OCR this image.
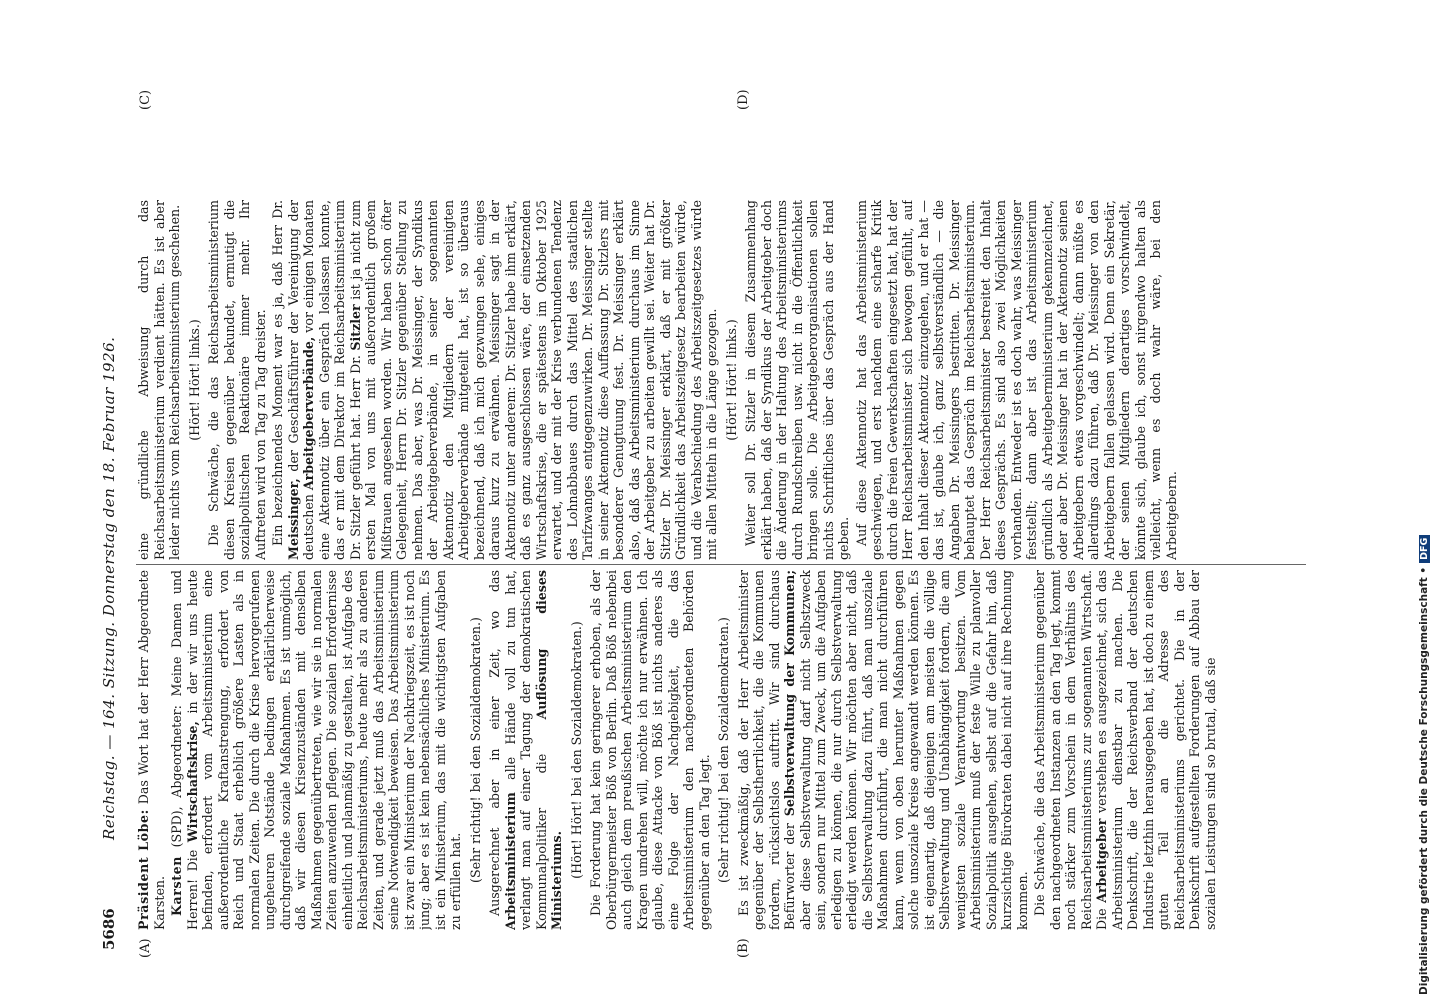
5686
Reichstag. — 164. Sitzung. Donnerstag den 18. Februar 1926.
(A)	(B)
(C)	(D)

Präsident Löbe: Das Wort hat der Herr Abgeordnete Karsten. Karsten (SPD), Abgeordneter: Meine Damen und Herren! Die Wirtschaftskrise, in der wir uns heute befinden, erfordert vom Arbeitsministerium eine außerordentliche Kraftanstrengung, erfordert von Reich und Staat erheblich größere Lasten als in normalen Zeiten. Die durch die Krise hervorgerufenen ungeheuren Notstände bedingen erklärlicherweise durchgreifende soziale Maßnahmen. Es ist unmöglich, daß wir diesen Krisenzuständen mit denselben Maßnahmen gegenübertreten, wie wir sie in normalen Zeiten anzuwenden pflegen. Die sozialen Erfordernisse einheitlich und planmäßig zu gestalten, ist Aufgabe des Reichsarbeitsministeriums, heute mehr als zu anderen Zeiten, und gerade jetzt muß das Arbeitsministerium seine Notwendigkeit beweisen. Das Arbeitsministerium ist zwar ein Ministerium der Nachkriegszeit, es ist noch jung; aber es ist kein nebensächliches Ministerium. Es ist ein Ministerium, das mit die wichtigsten Aufgaben zu erfüllen hat. (Sehr richtig! bei den Sozialdemokraten.) Ausgerechnet aber in einer Zeit, wo das Arbeitsministerium alle Hände voll zu tun hat, verlangt man auf einer Tagung der demokratischen Kommunalpolitiker die Auflösung dieses Ministeriums.

(Hört! Hört! bei den Sozialdemokraten.) Die Forderung hat kein geringerer erhoben, als der Oberbürgermeister Böß von Berlin. Daß Böß nebenbei auch gleich dem preußischen Arbeitsministerium den Kragen umdrehen will, möchte ich nur erwähnen. Ich glaube, diese Attacke von Böß ist nichts anderes als eine Folge der Nachgiebigkeit, die das Arbeitsministerium den nachgeordneten Behörden gegenüber an den Tag legt. (Sehr richtig! bei den Sozialdemokraten.) Es ist zweckmäßig, daß der Herr Arbeitsminister gegenüber der Selbstherrlichkeit, die die Kommunen fordern, rücksichtslos auftritt. Wir sind durchaus Befürworter der Selbstverwaltung der Kommunen; aber diese Selbstverwaltung darf nicht Selbstzweck sein, sondern nur Mittel zum Zweck, um die Aufgaben erledigen zu können, die nur durch Selbstverwaltung erledigt werden können. Wir möchten aber nicht, daß die Selbstverwaltung dazu führt, daß man unsoziale Maßnahmen durchführt, die man nicht durchführen kann, wenn von oben herunter Maßnahmen gegen solche unsoziale Kreise angewandt werden können. Es ist eigenartig, daß diejenigen am meisten die völlige Selbstverwaltung und Unabhängigkeit fordern, die am wenigsten soziale Verantwortung besitzen. Vom Arbeitsministerium muß der feste Wille zu planvoller Sozialpolitik ausgehen, selbst auf die Gefahr hin, daß kurzsichtige Bürokraten dabei nicht auf ihre Rechnung kommen. Die Schwäche, die das Arbeitsministerium gegenüber den nachgeordneten Instanzen an den Tag legt, kommt noch stärker zum Vorschein in dem Verhältnis des Reichsarbeitsministeriums zur sogenannten Wirtschaft. Die Arbeitgeber verstehen es ausgezeichnet, sich das Arbeitsministerium dienstbar zu machen. Die Denkschrift, die der Reichsverband der deutschen Industrie letzthin herausgegeben hat, ist doch zu einem guten Teil an die Adresse des Reichsarbeitsministeriums gerichtet. Die in der Denkschrift aufgestellten Forderungen auf Abbau der sozialen Leistungen sind so brutal, daß sie

eine gründliche Abweisung durch das Reichsarbeitsministerium verdient hätten. Es ist aber leider nichts vom Reichsarbeitsministerium geschehen. (Hört! Hört! links.) Die Schwäche, die das Reichsarbeitsministerium diesen Kreisen gegenüber bekundet, ermutigt die sozialpolitischen Reaktionäre immer mehr. Ihr Auftreten wird von Tag zu Tag dreister. Ein bezeichnendes Moment war es ja, daß Herr Dr. Meissinger, der Geschäftsführer der Vereinigung der deutschen Arbeitgeberverbände, vor einigen Monaten eine Aktennotiz über ein Gespräch loslassen konnte, das er mit dem Direktor im Reichsarbeitsministerium Dr. Sitzler geführt hat. Herr Dr. Sitzler ist ja nicht zum ersten Mal von uns mit außerordentlich großem Mißtrauen angesehen worden. Wir haben schon öfter Gelegenheit, Herrn Dr. Sitzler gegenüber Stellung zu nehmen. Das aber, was Dr. Meissinger, der Syndikus der Arbeitgeberverbände, in seiner sogenannten Aktennotiz den Mitgliedern der vereinigten Arbeitgeberverbände mitgeteilt hat, ist so überaus bezeichnend, daß ich mich gezwungen sehe, einiges daraus kurz zu erwähnen. Meissinger sagt in der Aktennotiz unter anderem: Dr. Sitzler habe ihm erklärt, daß es ganz ausgeschlossen wäre, der einsetzenden Wirtschaftskrise, die er spätestens im Oktober 1925 erwartet, und der mit der Krise verbundenen Tendenz des Lohnabbaues durch das Mittel des staatlichen Tarifzwanges entgegenzuwirken. Dr. Meissinger stellte in seiner Aktennotiz diese Auffassung Dr. Sitzlers mit besonderer Genugtuung fest. Dr. Meissinger erklärt also, daß das Arbeitsministerium durchaus im Sinne der Arbeitgeber zu arbeiten gewillt sei. Weiter hat Dr. Sitzler Dr. Meissinger erklärt, daß er mit größter Gründlichkeit das Arbeitszeitgesetz bearbeiten würde, und die Verabschiedung des Arbeitszeitgesetzes würde mit allen Mitteln in die Länge gezogen. (Hört! Hört! links.) Weiter soll Dr. Sitzler in diesem Zusammenhang erklärt haben, daß der Syndikus der Arbeitgeber doch die Änderung in der Haltung des Arbeitsministeriums durch Rundschreiben usw. nicht in die Öffentlichkeit bringen solle. Die Arbeitgeberorganisationen sollen nichts Schriftliches über das Gespräch aus der Hand geben. Auf diese Aktennotiz hat das Arbeitsministerium geschwiegen, und erst nachdem eine scharfe Kritik durch die freien Gewerkschaften eingesetzt hat, hat der Herr Reichsarbeitsminister sich bewogen gefühlt, auf den Inhalt dieser Aktennotiz einzugehen, und er hat — das ist, glaube ich, ganz selbstverständlich — die Angaben Dr. Meissingers bestritten. Dr. Meissinger behauptet das Gespräch im Reichsarbeitsministerium. Der Herr Reichsarbeitsminister bestreitet den Inhalt dieses Gesprächs. Es sind also zwei Möglichkeiten vorhanden. Entweder ist es doch wahr, was Meissinger feststellt; dann aber ist das Arbeitsministerium gründlich als Arbeitgeberministerium gekennzeichnet, oder aber Dr. Meissinger hat in der Aktennotiz seinen Arbeitgebern etwas vorgeschwindelt; dann müßte es allerdings dazu führen, daß Dr. Meissinger von den Arbeitgebern fallen gelassen wird. Denn ein Sekretär, der seinen Mitgliedern derartiges vorschwindelt, könnte sich, glaube ich, sonst nirgendwo halten als vielleicht, wenn es doch wahr wäre, bei den Arbeitgebern.

Digitalisierung gefördert durch die Deutsche Forschungsgemeinschaft •DFG
